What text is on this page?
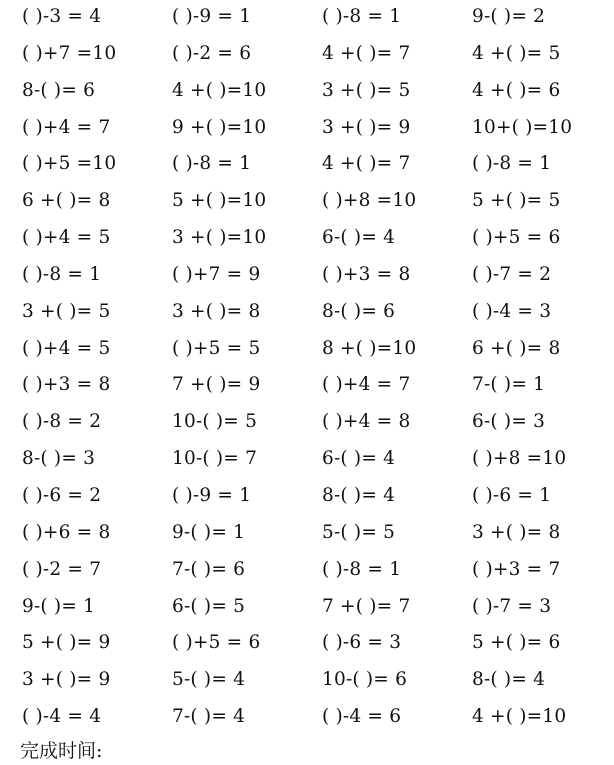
( )-3 = 4	( )-9 = 1	( )-8 = 1	9-( )= 2
( )+7 =10	( )-2 = 6	4 +( )= 7	4 +( )= 5
8-( )= 6	4 +( )=10	3 +( )= 5	4 +( )= 6
( )+4 = 7	9 +( )=10	3 +( )= 9	10+( )=10
( )+5 =10	( )-8 = 1	4 +( )= 7	( )-8 = 1
6 +( )= 8	5 +( )=10	( )+8 =10	5 +( )= 5
( )+4 = 5	3 +( )=10	6-( )= 4	( )+5 = 6
( )-8 = 1	( )+7 = 9	( )+3 = 8	( )-7 = 2
3 +( )= 5	3 +( )= 8	8-( )= 6	( )-4 = 3
( )+4 = 5	( )+5 = 5	8 +( )=10	6 +( )= 8
( )+3 = 8	7 +( )= 9	( )+4 = 7	7-( )= 1
( )-8 = 2	10-( )= 5	( )+4 = 8	6-( )= 3
8-( )= 3	10-( )= 7	6-( )= 4	( )+8 =10
( )-6 = 2	( )-9 = 1	8-( )= 4	( )-6 = 1
( )+6 = 8	9-( )= 1	5-( )= 5	3 +( )= 8
( )-2 = 7	7-( )= 6	( )-8 = 1	( )+3 = 7
9-( )= 1	6-( )= 5	7 +( )= 7	( )-7 = 3
5 +( )= 9	( )+5 = 6	( )-6 = 3	5 +( )= 6
3 +( )= 9	5-( )= 4	10-( )= 6	8-( )= 4
( )-4 = 4	7-( )= 4	( )-4 = 6	4 +( )=10
完成时间:
